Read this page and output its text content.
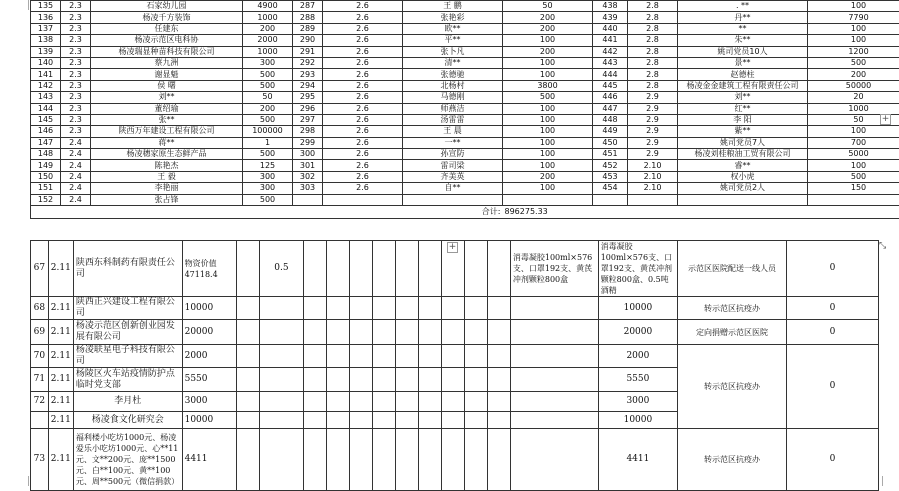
135	2.3	石家幼儿园	4900	287	2.6	王 鹏	50	438	2.8	. **	100
136	2.3	杨凌千方装饰	1000	288	2.6	张艳彩	200	439	2.8	丹**	7790
137	2.3	任建东	200	289	2.6	欧**	200	440	2.8	**	100
138	2.3	杨凌示范区电科协	2000	290	2.6	平**	100	441	2.8	朱**	100
139	2.3	杨凌瑞显种苗科技有限公司	1000	291	2.6	张卜凡	200	442	2.8	姚司党员10人	1200
140	2.3	蔡九洲	300	292	2.6	清**	100	443	2.8	景**	500
141	2.3	谢显魁	500	293	2.6	张德驰	100	444	2.8	赵德柱	200
142	2.3	侯 曙	500	294	2.6	北杨村	3800	445	2.8	杨凌金金建筑工程有限责任公司	50000
143	2.3	刘**	50	295	2.6	马德刚	500	446	2.9	刘**	20
144	2.3	董绍瑜	200	296	2.6	师燕洁	100	447	2.9	红**	1000
145	2.3	张**	500	297	2.6	汤雷雷	100	448	2.9	李 阳	50
146	2.3	陕西万年建设工程有限公司	100000	298	2.6	王 晨	100	449	2.9	紫**	100
147	2.4	蒋**	1	299	2.6	一**	100	450	2.9	姚司党员7人	700
148	2.4	杨凌穗家原生态鲜产品	500	300	2.6	孙宣防	100	451	2.9	杨凌刘桂粮油工贸有限公司	5000
149	2.4	陈艳杰	125	301	2.6	雷司梁	100	452	2.10	睿**	100
150	2.4	王 毅	300	302	2.6	齐美英	200	453	2.10	权小虎	500
151	2.4	李艳丽	300	303	2.6	自**	100	454	2.10	姚司党员2人	150
152	2.4	张占锋	500								
					合计:		896275.33				
67	2.11	陕西东科制药有限责任公司	物资价值47118.4		0.5										消毒凝胶100ml×576支、口罩192支、黄芪冲剂颗粒800盒	消毒凝胶100ml×576支、口罩192支、黄芪冲剂颗粒800盒、0.5吨酒精	示范区医院配送一线人员	0
68	2.11	陕西正兴建设工程有限公司	10000													10000	转示范区抗疫办	0
69	2.11	杨凌示范区创新创业园发展有限公司	20000													20000	定向捐赠示范区医院	0
70	2.11	杨凌联星电子科技有限公司	2000													2000	转示范区抗疫办	0
71	2.11	杨陵区火车站疫情防护点临时党支部	5550													5550		
72	2.11	李月杜	3000													3000		
	2.11	杨凌食文化研究会	10000													10000		
73	2.11	福利楼小吃坊1000元、杨凌爱乐小吃坊1000元、心**11元、文**200元、庞**1500元、白**100元、黄**100元、周**500元（微信捐款）	4411													4411	转示范区抗疫办	0
+
+
⤡
